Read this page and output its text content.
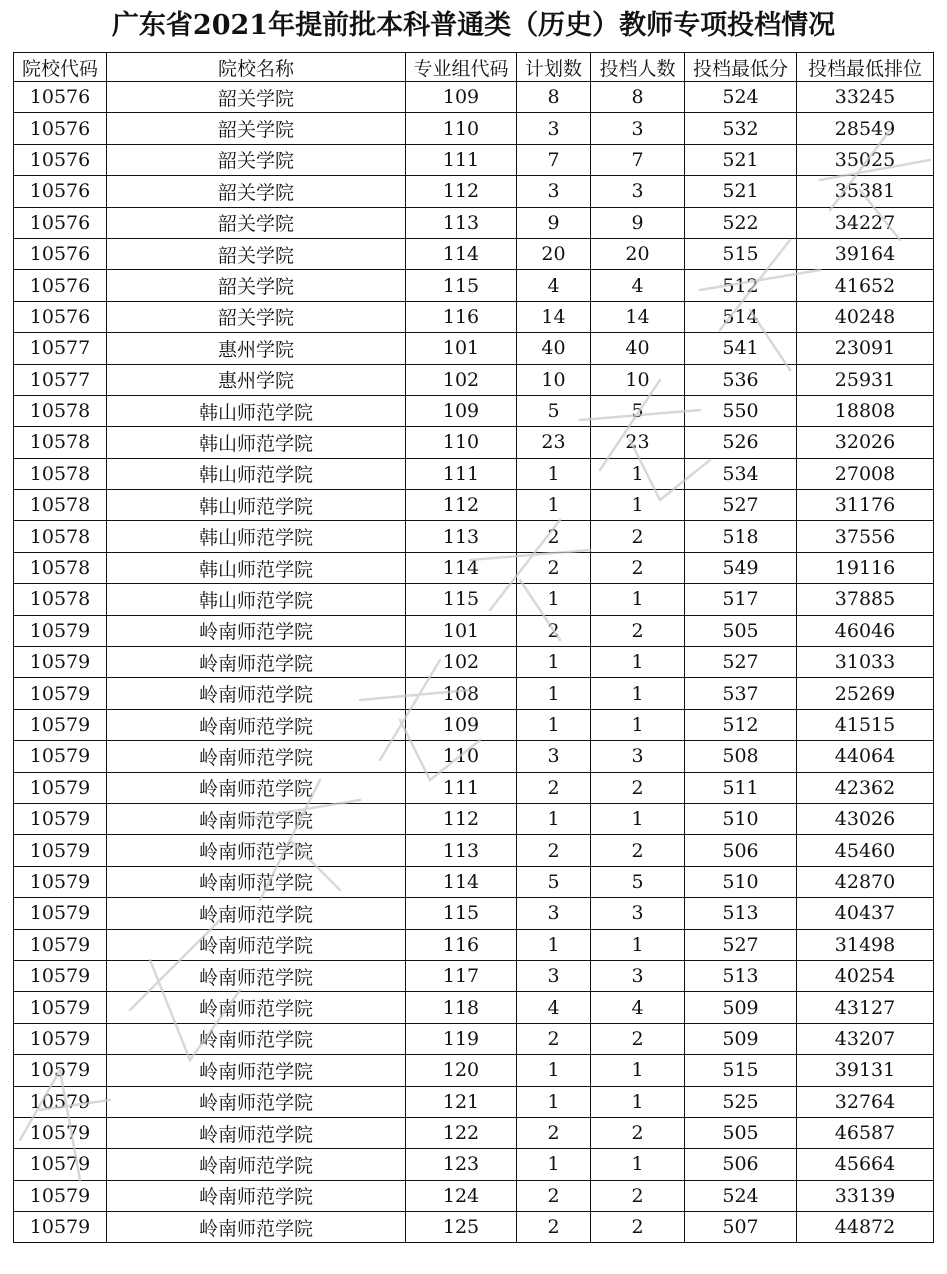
广东省2021年提前批本科普通类（历史）教师专项投档情况
院校代码	院校名称	专业组代码	计划数	投档人数	投档最低分	投档最低排位
10576	韶关学院	109	8	8	524	33245
10576	韶关学院	110	3	3	532	28549
10576	韶关学院	111	7	7	521	35025
10576	韶关学院	112	3	3	521	35381
10576	韶关学院	113	9	9	522	34227
10576	韶关学院	114	20	20	515	39164
10576	韶关学院	115	4	4	512	41652
10576	韶关学院	116	14	14	514	40248
10577	惠州学院	101	40	40	541	23091
10577	惠州学院	102	10	10	536	25931
10578	韩山师范学院	109	5	5	550	18808
10578	韩山师范学院	110	23	23	526	32026
10578	韩山师范学院	111	1	1	534	27008
10578	韩山师范学院	112	1	1	527	31176
10578	韩山师范学院	113	2	2	518	37556
10578	韩山师范学院	114	2	2	549	19116
10578	韩山师范学院	115	1	1	517	37885
10579	岭南师范学院	101	2	2	505	46046
10579	岭南师范学院	102	1	1	527	31033
10579	岭南师范学院	108	1	1	537	25269
10579	岭南师范学院	109	1	1	512	41515
10579	岭南师范学院	110	3	3	508	44064
10579	岭南师范学院	111	2	2	511	42362
10579	岭南师范学院	112	1	1	510	43026
10579	岭南师范学院	113	2	2	506	45460
10579	岭南师范学院	114	5	5	510	42870
10579	岭南师范学院	115	3	3	513	40437
10579	岭南师范学院	116	1	1	527	31498
10579	岭南师范学院	117	3	3	513	40254
10579	岭南师范学院	118	4	4	509	43127
10579	岭南师范学院	119	2	2	509	43207
10579	岭南师范学院	120	1	1	515	39131
10579	岭南师范学院	121	1	1	525	32764
10579	岭南师范学院	122	2	2	505	46587
10579	岭南师范学院	123	1	1	506	45664
10579	岭南师范学院	124	2	2	524	33139
10579	岭南师范学院	125	2	2	507	44872
